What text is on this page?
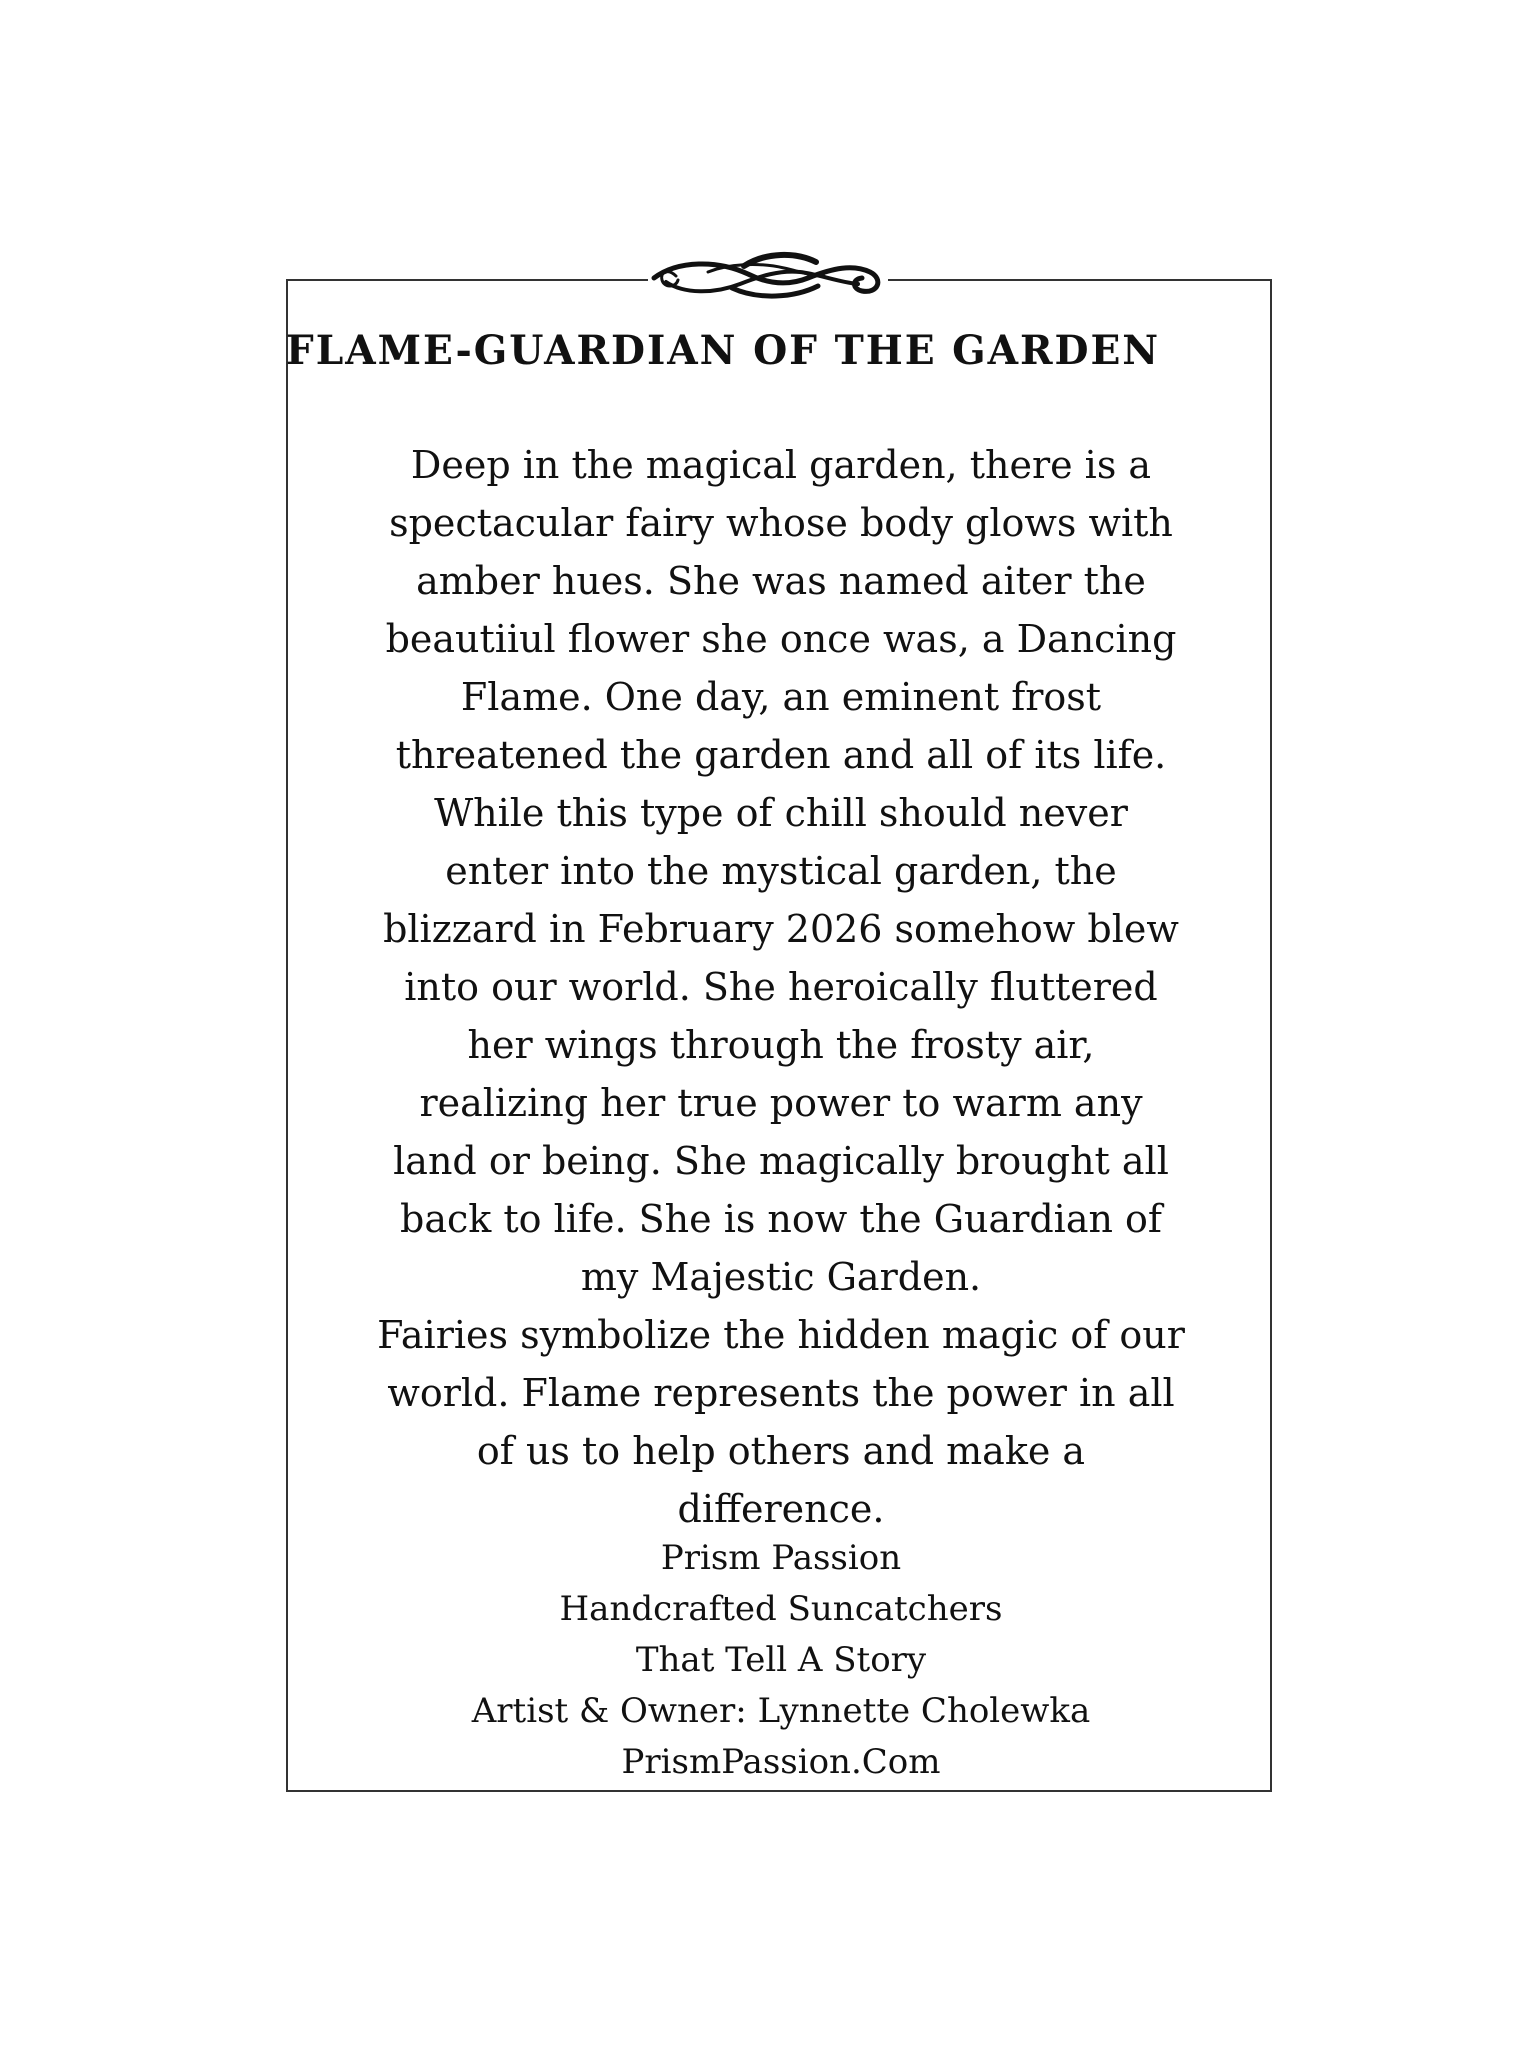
FLAME-GUARDIAN OF THE GARDEN

Deep in the magical garden, there is a
spectacular fairy whose body glows with
amber hues. She was named aiter the
beautiiul flower she once was, a Dancing
Flame. One day, an eminent frost
threatened the garden and all of its life.
While this type of chill should never
enter into the mystical garden, the
blizzard in February 2026 somehow blew
into our world. She heroically fluttered
her wings through the frosty air,
realizing her true power to warm any
land or being. She magically brought all
back to life. She is now the Guardian of
my Majestic Garden.
Fairies symbolize the hidden magic of our
world. Flame represents the power in all
of us to help others and make a
difference.

Prism Passion
Handcrafted Suncatchers
That Tell A Story
Artist & Owner: Lynnette Cholewka
PrismPassion.Com
